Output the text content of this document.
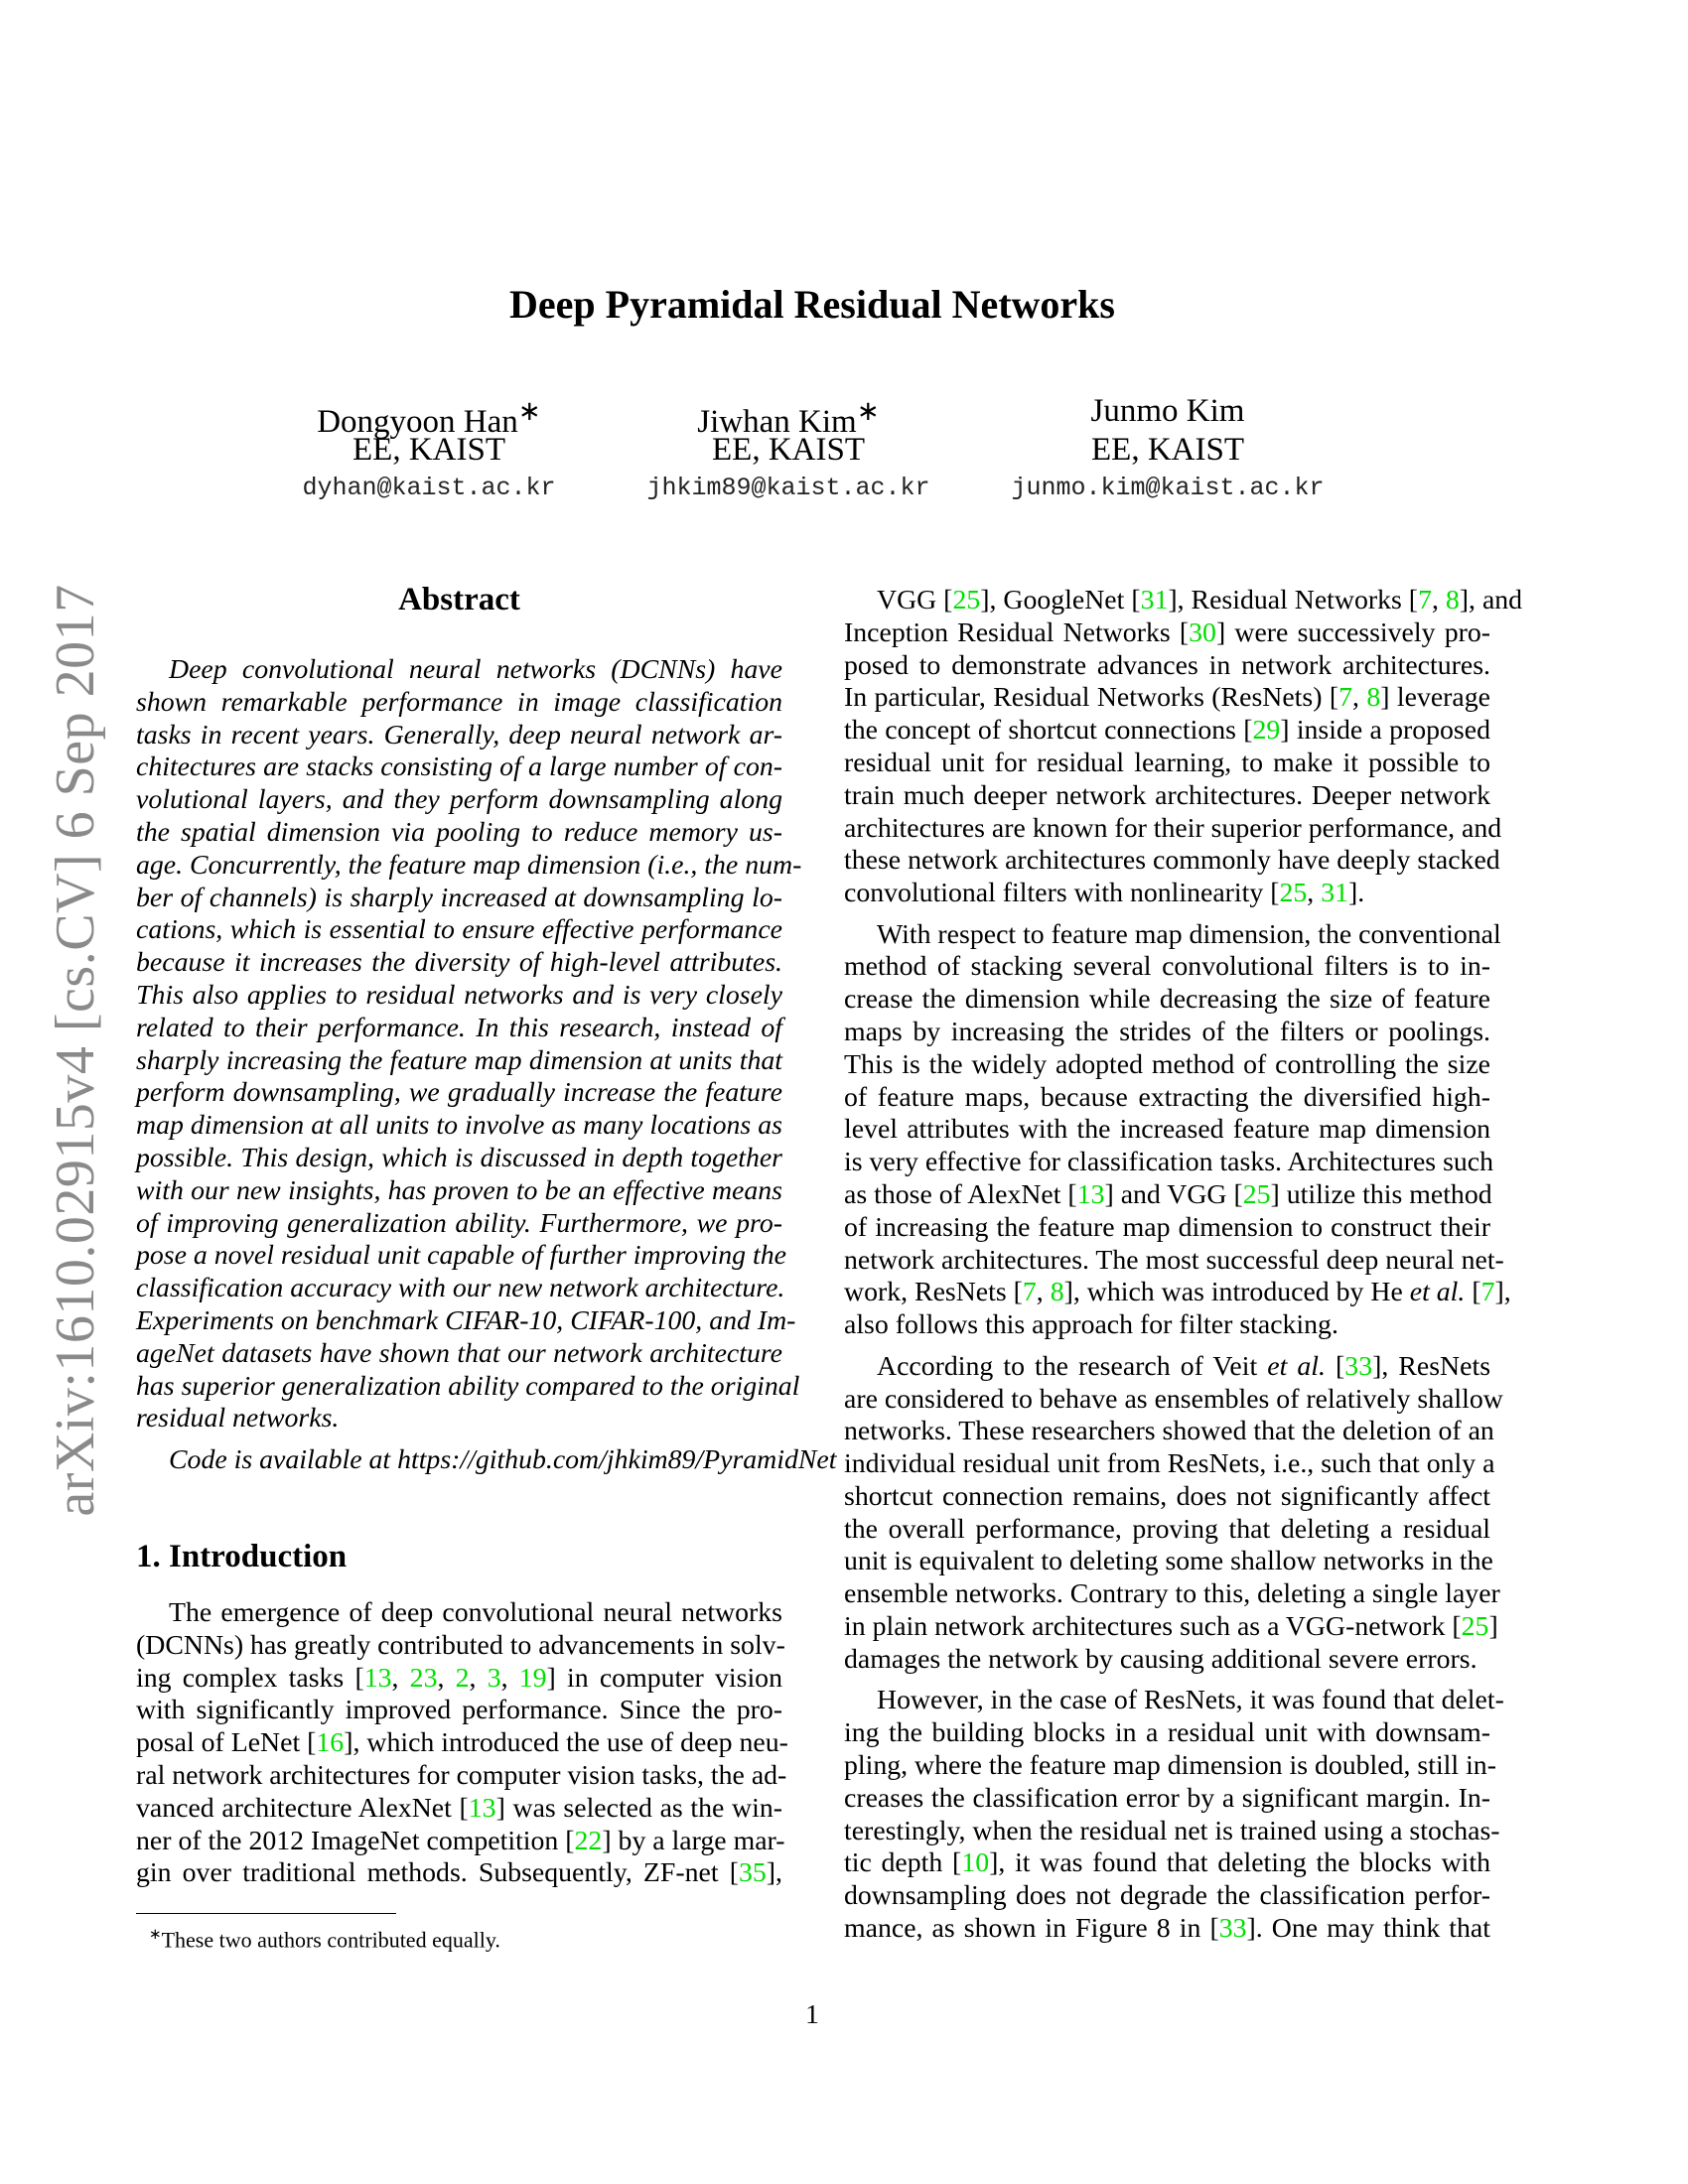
arXiv:1610.02915v4 [cs.CV] 6 Sep 2017
Deep Pyramidal Residual Networks
Dongyoon Han∗
EE, KAIST
dyhan@kaist.ac.kr
Jiwhan Kim∗
EE, KAIST
jhkim89@kaist.ac.kr
Junmo Kim
EE, KAIST
junmo.kim@kaist.ac.kr
Abstract
Deep convolutional neural networks (DCNNs) have
shown remarkable performance in image classification
tasks in recent years. Generally, deep neural network ar-
chitectures are stacks consisting of a large number of con-
volutional layers, and they perform downsampling along
the spatial dimension via pooling to reduce memory us-
age. Concurrently, the feature map dimension (i.e., the num-
ber of channels) is sharply increased at downsampling lo-
cations, which is essential to ensure effective performance
because it increases the diversity of high-level attributes.
This also applies to residual networks and is very closely
related to their performance. In this research, instead of
sharply increasing the feature map dimension at units that
perform downsampling, we gradually increase the feature
map dimension at all units to involve as many locations as
possible. This design, which is discussed in depth together
with our new insights, has proven to be an effective means
of improving generalization ability. Furthermore, we pro-
pose a novel residual unit capable of further improving the
classification accuracy with our new network architecture.
Experiments on benchmark CIFAR-10, CIFAR-100, and Im-
ageNet datasets have shown that our network architecture
has superior generalization ability compared to the original
residual networks.
Code is available at https://github.com/jhkim89/PyramidNet
1. Introduction
The emergence of deep convolutional neural networks
(DCNNs) has greatly contributed to advancements in solv-
ing complex tasks [13, 23, 2, 3, 19] in computer vision
with significantly improved performance. Since the pro-
posal of LeNet [16], which introduced the use of deep neu-
ral network architectures for computer vision tasks, the ad-
vanced architecture AlexNet [13] was selected as the win-
ner of the 2012 ImageNet competition [22] by a large mar-
gin over traditional methods. Subsequently, ZF-net [35],
VGG [25], GoogleNet [31], Residual Networks [7, 8], and
Inception Residual Networks [30] were successively pro-
posed to demonstrate advances in network architectures.
In particular, Residual Networks (ResNets) [7, 8] leverage
the concept of shortcut connections [29] inside a proposed
residual unit for residual learning, to make it possible to
train much deeper network architectures. Deeper network
architectures are known for their superior performance, and
these network architectures commonly have deeply stacked
convolutional filters with nonlinearity [25, 31].
With respect to feature map dimension, the conventional
method of stacking several convolutional filters is to in-
crease the dimension while decreasing the size of feature
maps by increasing the strides of the filters or poolings.
This is the widely adopted method of controlling the size
of feature maps, because extracting the diversified high-
level attributes with the increased feature map dimension
is very effective for classification tasks. Architectures such
as those of AlexNet [13] and VGG [25] utilize this method
of increasing the feature map dimension to construct their
network architectures. The most successful deep neural net-
work, ResNets [7, 8], which was introduced by He et al. [7],
also follows this approach for filter stacking.
According to the research of Veit et al. [33], ResNets
are considered to behave as ensembles of relatively shallow
networks. These researchers showed that the deletion of an
individual residual unit from ResNets, i.e., such that only a
shortcut connection remains, does not significantly affect
the overall performance, proving that deleting a residual
unit is equivalent to deleting some shallow networks in the
ensemble networks. Contrary to this, deleting a single layer
in plain network architectures such as a VGG-network [25]
damages the network by causing additional severe errors.
However, in the case of ResNets, it was found that delet-
ing the building blocks in a residual unit with downsam-
pling, where the feature map dimension is doubled, still in-
creases the classification error by a significant margin. In-
terestingly, when the residual net is trained using a stochas-
tic depth [10], it was found that deleting the blocks with
downsampling does not degrade the classification perfor-
mance, as shown in Figure 8 in [33]. One may think that
∗These two authors contributed equally.
1
